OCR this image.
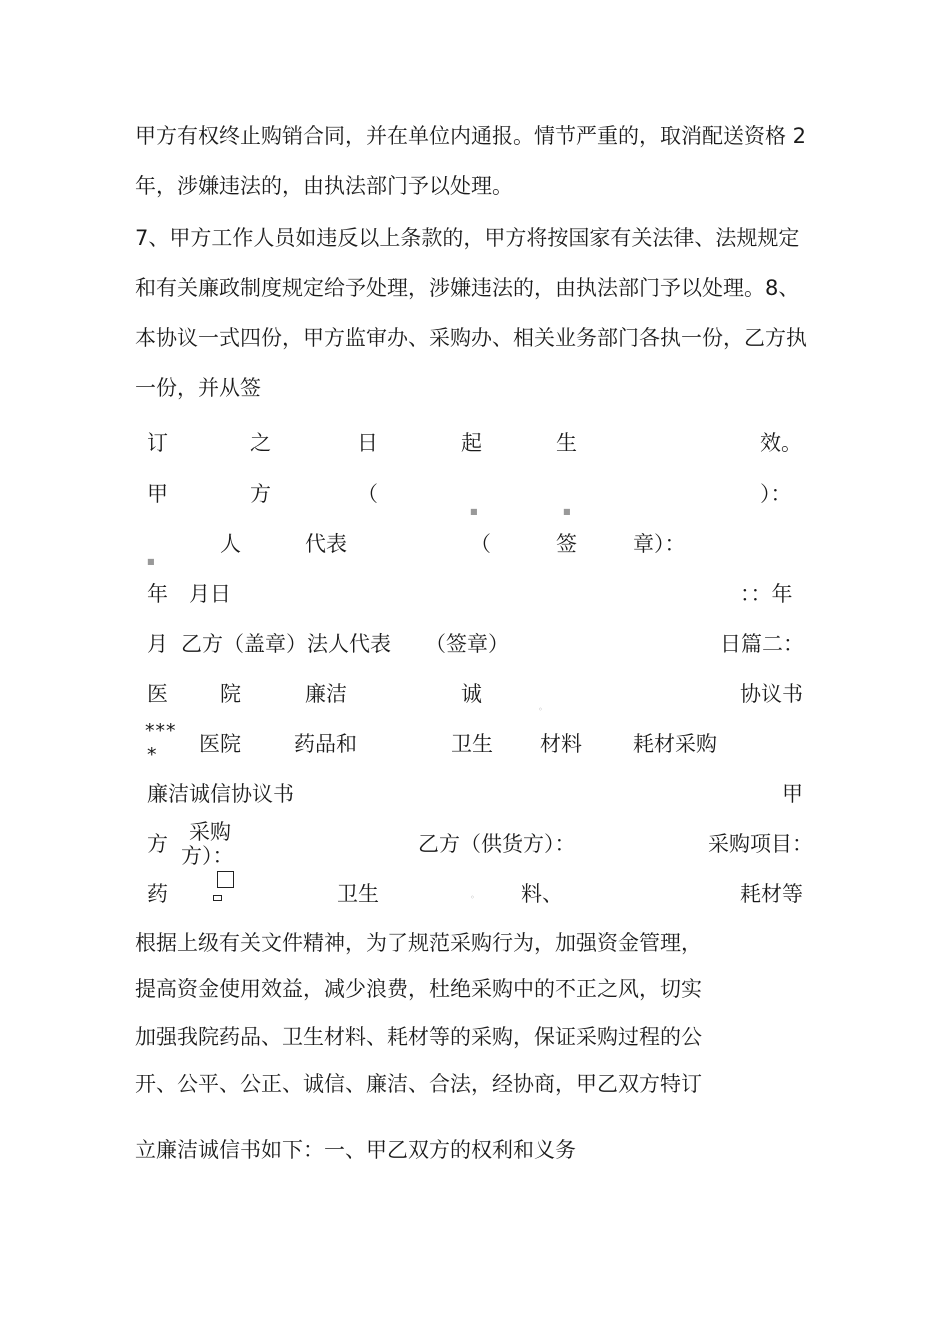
甲方有权终止购销合同，并在单位内通报。情节严重的，取消配送资格 2
年，涉嫌违法的，由执法部门予以处理。
7、甲方工作人员如违反以上条款的，甲方将按国家有关法律、法规规定
和有关廉政制度规定给予处理，涉嫌违法的，由执法部门予以处理。8、
本协议一式四份，甲方监审办、采购办、相关业务部门各执一份，乙方执
一份，并从签
订	之	日	起	生	效。
甲	方	（	）：
■	■
■
人	代表	（	签	章）：
年　月日	：：年
月 乙方（盖章）法人代表 （签章）	日篇二：
医 院	廉洁	诚	协议书
◦
***
* 医院	药品和	卫生 材料 耗材采购
廉洁诚信协议书	甲
方 采购
方）：	乙方（供货方）：	采购项目：
药	卫生	◦ 料、	耗材等
根据上级有关文件精神，为了规范采购行为，加强资金管理，
提高资金使用效益，减少浪费，杜绝采购中的不正之风，切实
加强我院药品、卫生材料、耗材等的采购，保证采购过程的公
开、公平、公正、诚信、廉洁、合法，经协商，甲乙双方特订
立廉洁诚信书如下：一、甲乙双方的权利和义务
